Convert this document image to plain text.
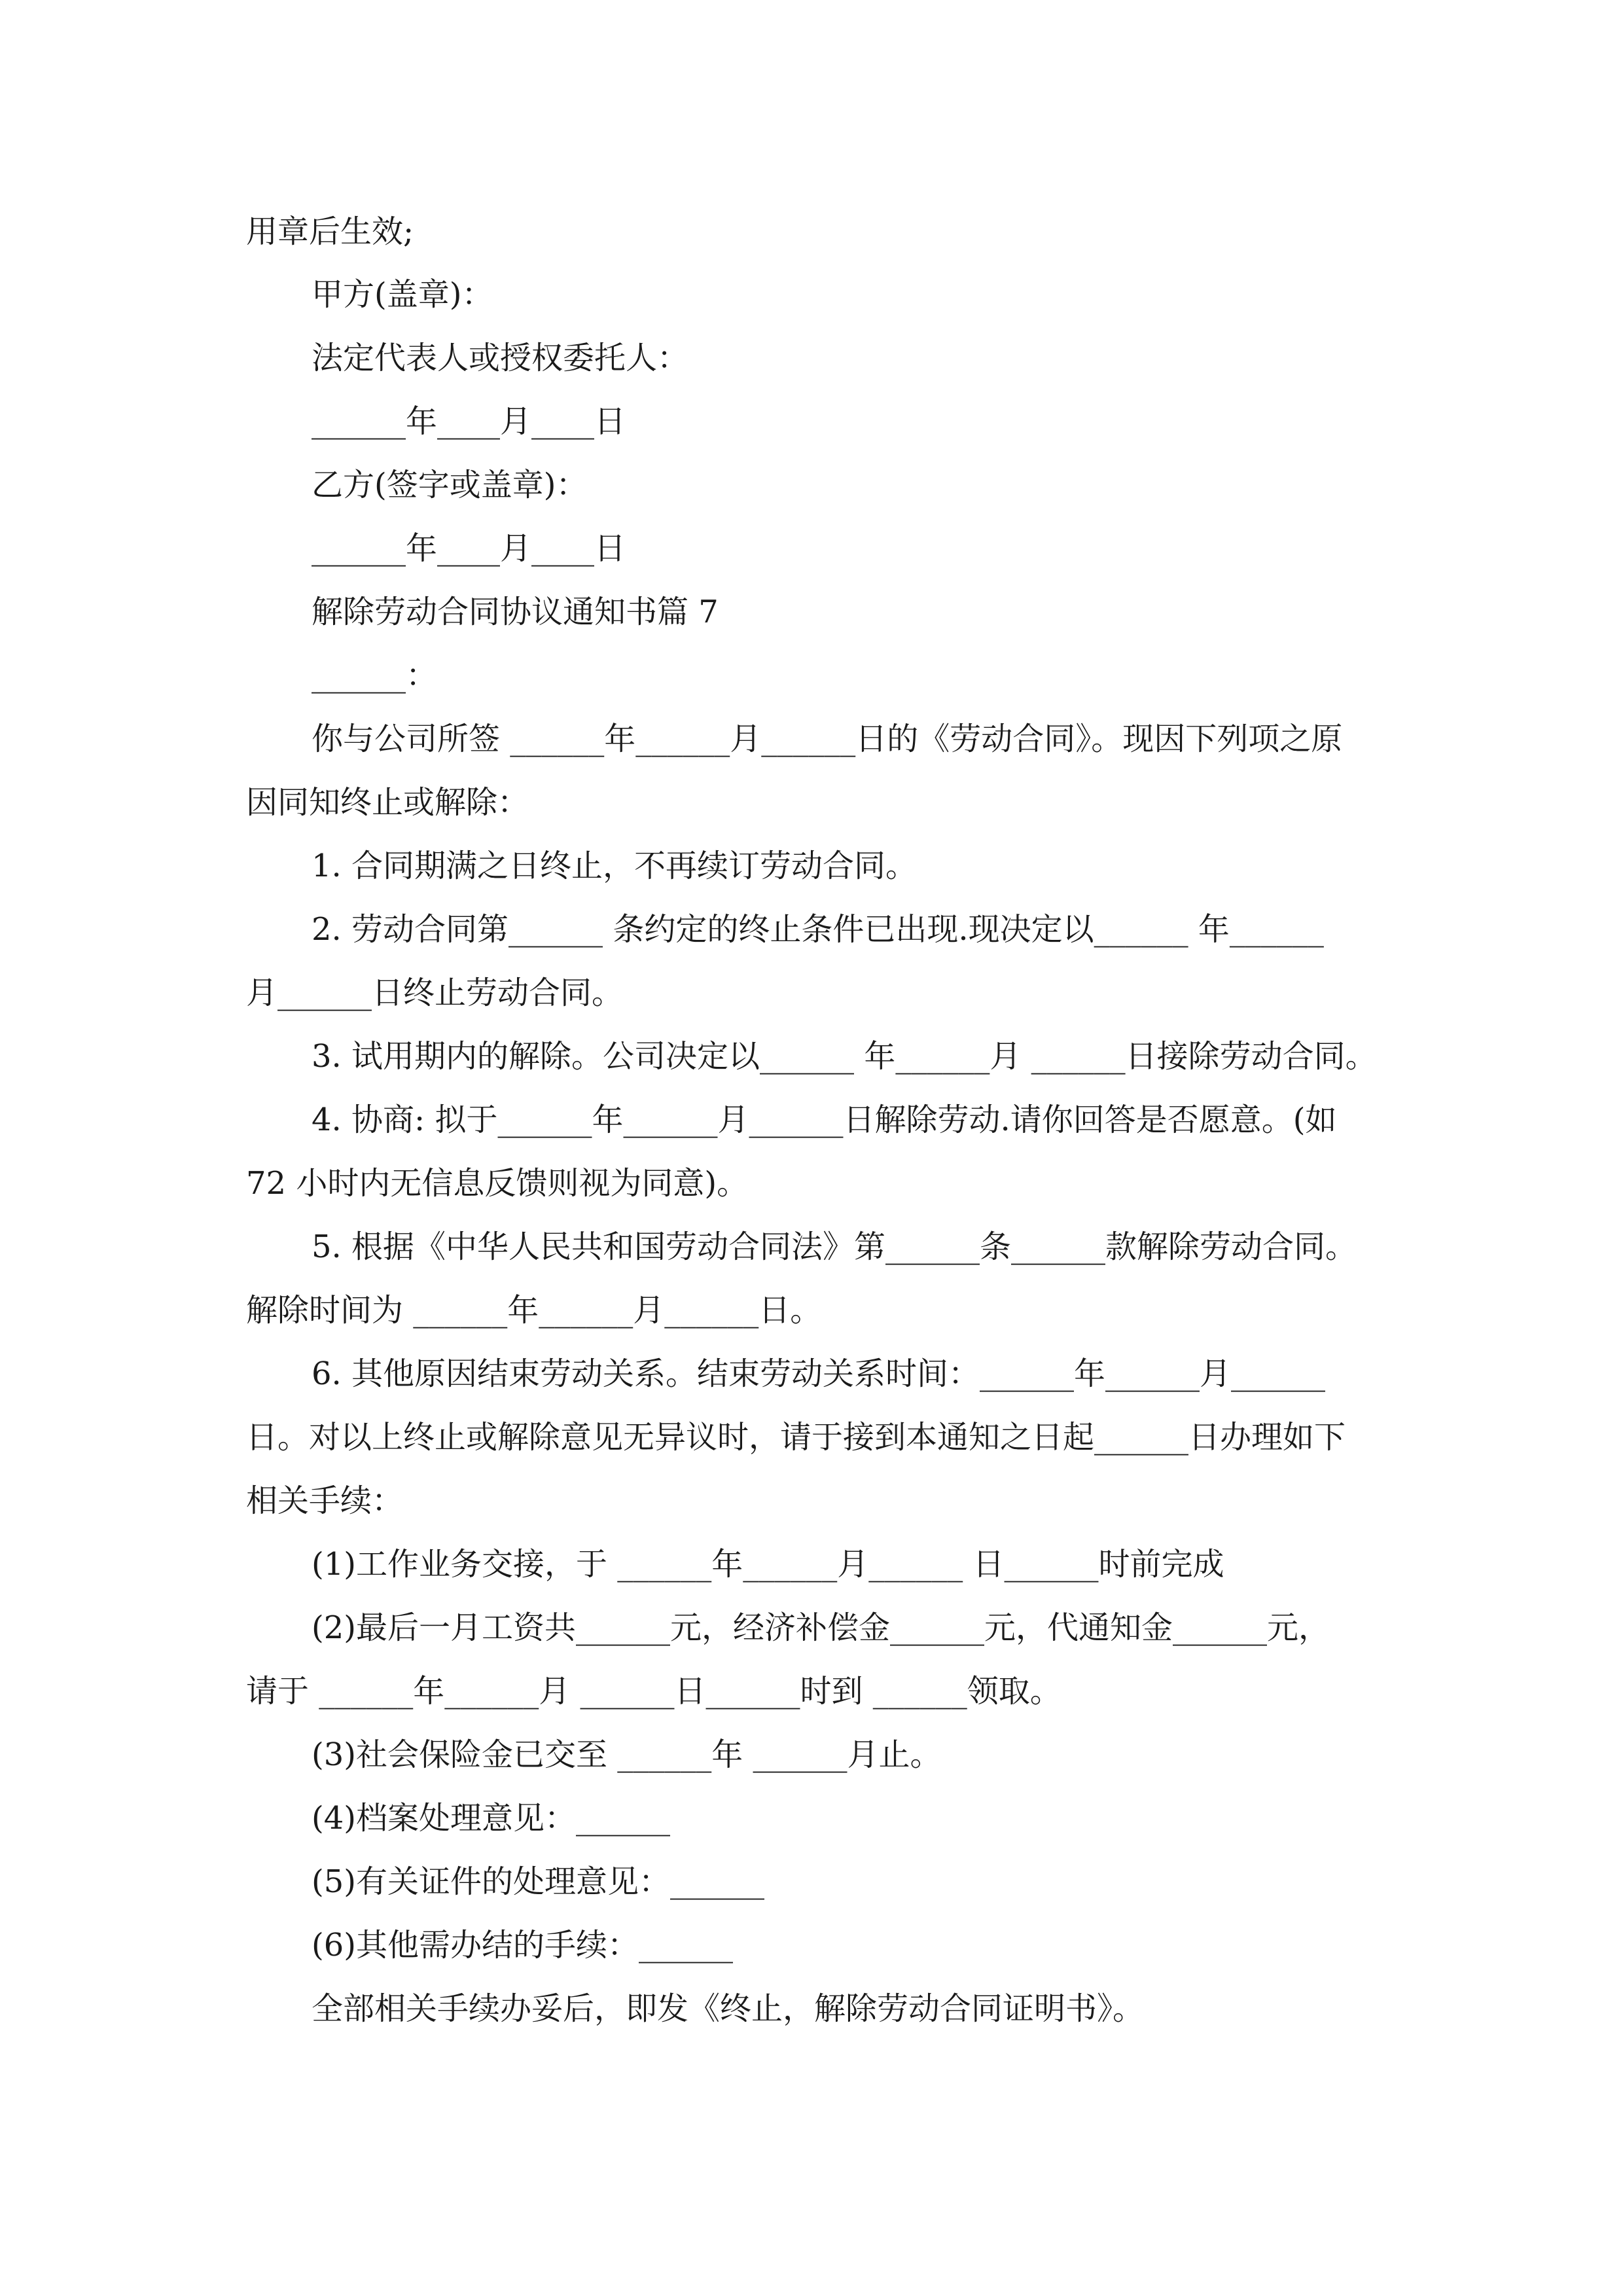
用章后生效;
甲方(盖章)：
法定代表人或授权委托人：
______年____月____日
乙方(签字或盖章)：
______年____月____日
解除劳动合同协议通知书篇 7
______：
你与公司所签 ______年______月______日的《劳动合同》。现因下列项之原
因同知终止或解除：
1. 合同期满之日终止，不再续订劳动合同。
2. 劳动合同第______ 条约定的终止条件已出现.现决定以______ 年______
月______日终止劳动合同。
3. 试用期内的解除。公司决定以______ 年______月 ______日接除劳动合同。
4. 协商: 拟于______年______月______日解除劳动.请你回答是否愿意。(如
72 小时内无信息反馈则视为同意)。
5. 根据《中华人民共和国劳动合同法》第______条______款解除劳动合同。
解除时间为 ______年______月______日。
6. 其他原因结束劳动关系。结束劳动关系时间：______年______月______
日。对以上终止或解除意见无异议时，请于接到本通知之日起______日办理如下
相关手续：
(1)工作业务交接，于 ______年______月______ 日______时前完成
(2)最后一月工资共______元，经济补偿金______元，代通知金______元，
请于 ______年______月 ______日______时到 ______领取。
(3)社会保险金已交至 ______年 ______月止。
(4)档案处理意见：______
(5)有关证件的处理意见：______
(6)其他需办结的手续：______
全部相关手续办妥后，即发《终止，解除劳动合同证明书》。
